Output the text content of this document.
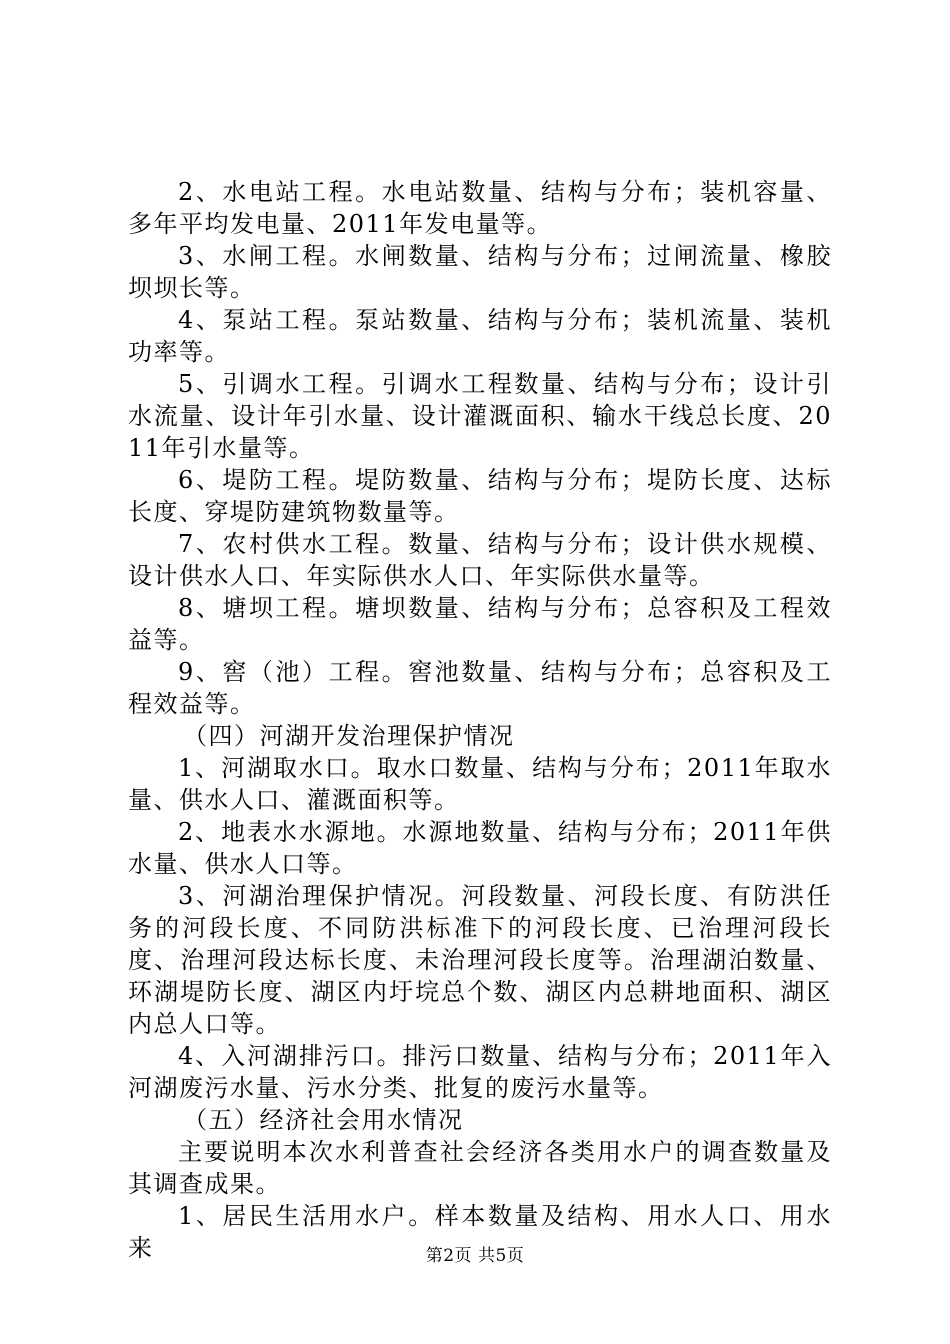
2、水电站工程。水电站数量、结构与分布；装机容量、多年平均发电量、2011年发电量等。

3、水闸工程。水闸数量、结构与分布；过闸流量、橡胶坝坝长等。

4、泵站工程。泵站数量、结构与分布；装机流量、装机功率等。

5、引调水工程。引调水工程数量、结构与分布；设计引水流量、设计年引水量、设计灌溉面积、输水干线总长度、2011年引水量等。

6、堤防工程。堤防数量、结构与分布；堤防长度、达标长度、穿堤防建筑物数量等。

7、农村供水工程。数量、结构与分布；设计供水规模、设计供水人口、年实际供水人口、年实际供水量等。

8、塘坝工程。塘坝数量、结构与分布；总容积及工程效益等。

9、窖（池）工程。窖池数量、结构与分布；总容积及工程效益等。

（四）河湖开发治理保护情况

1、河湖取水口。取水口数量、结构与分布；2011年取水量、供水人口、灌溉面积等。

2、地表水水源地。水源地数量、结构与分布；2011年供水量、供水人口等。

3、河湖治理保护情况。河段数量、河段长度、有防洪任务的河段长度、不同防洪标准下的河段长度、已治理河段长度、治理河段达标长度、未治理河段长度等。治理湖泊数量、环湖堤防长度、湖区内圩垸总个数、湖区内总耕地面积、湖区内总人口等。

4、入河湖排污口。排污口数量、结构与分布；2011年入河湖废污水量、污水分类、批复的废污水量等。

（五）经济社会用水情况

主要说明本次水利普查社会经济各类用水户的调查数量及其调查成果。

1、居民生活用水户。样本数量及结构、用水人口、用水来	第2页 共5页
